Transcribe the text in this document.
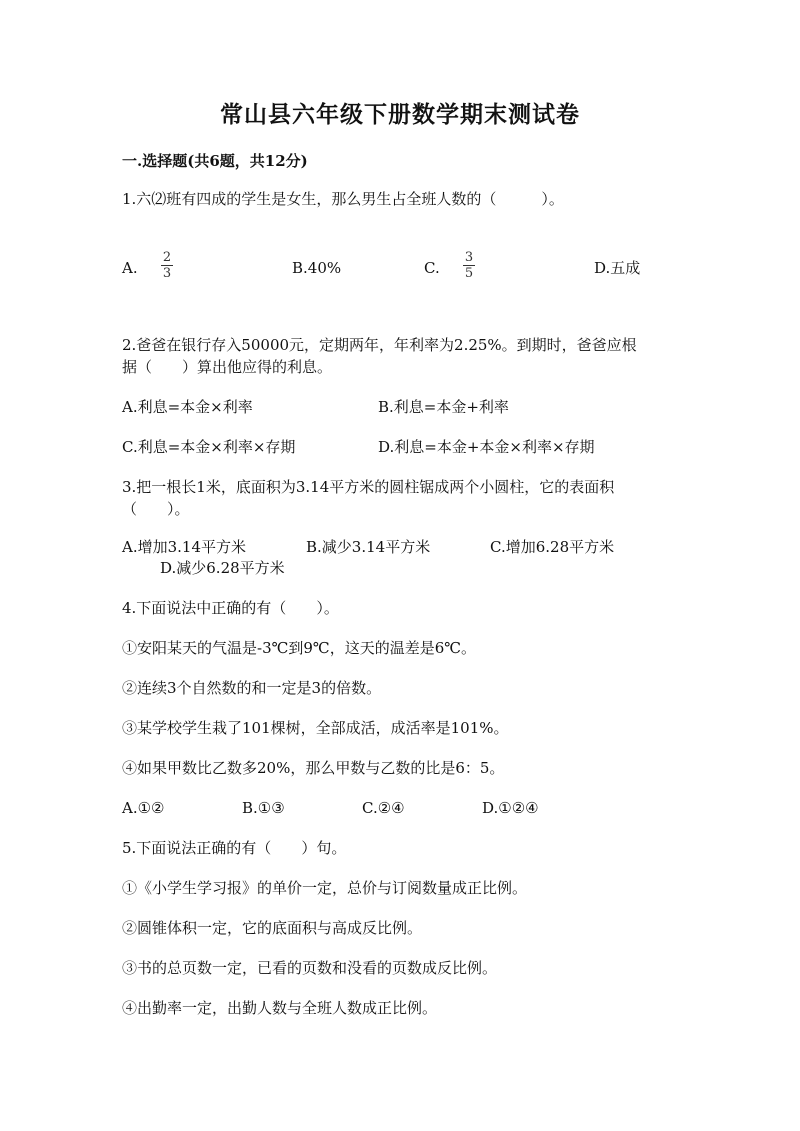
常山县六年级下册数学期末测试卷
一.选择题(共6题，共12分)
1.六⑵班有四成的学生是女生，那么男生占全班人数的（　　　）。
A.
2
3	B.40%	C.
3
5	D.五成
2.爸爸在银行存入50000元，定期两年，年利率为2.25%。到期时，爸爸应根
据（　　）算出他应得的利息。
A.利息=本金×利率	B.利息=本金+利率
C.利息=本金×利率×存期	D.利息=本金+本金×利率×存期
3.把一根长1米，底面积为3.14平方米的圆柱锯成两个小圆柱，它的表面积
（　　）。
A.增加3.14平方米	B.减少3.14平方米	C.增加6.28平方米
D.减少6.28平方米
4.下面说法中正确的有（　　）。
①安阳某天的气温是-3℃到9℃，这天的温差是6℃。
②连续3个自然数的和一定是3的倍数。
③某学校学生栽了101棵树，全部成活，成活率是101%。
④如果甲数比乙数多20%，那么甲数与乙数的比是6：5。
A.①②	B.①③	C.②④	D.①②④
5.下面说法正确的有（　　）句。
①《小学生学习报》的单价一定，总价与订阅数量成正比例。
②圆锥体积一定，它的底面积与高成反比例。
③书的总页数一定，已看的页数和没看的页数成反比例。
④出勤率一定，出勤人数与全班人数成正比例。
